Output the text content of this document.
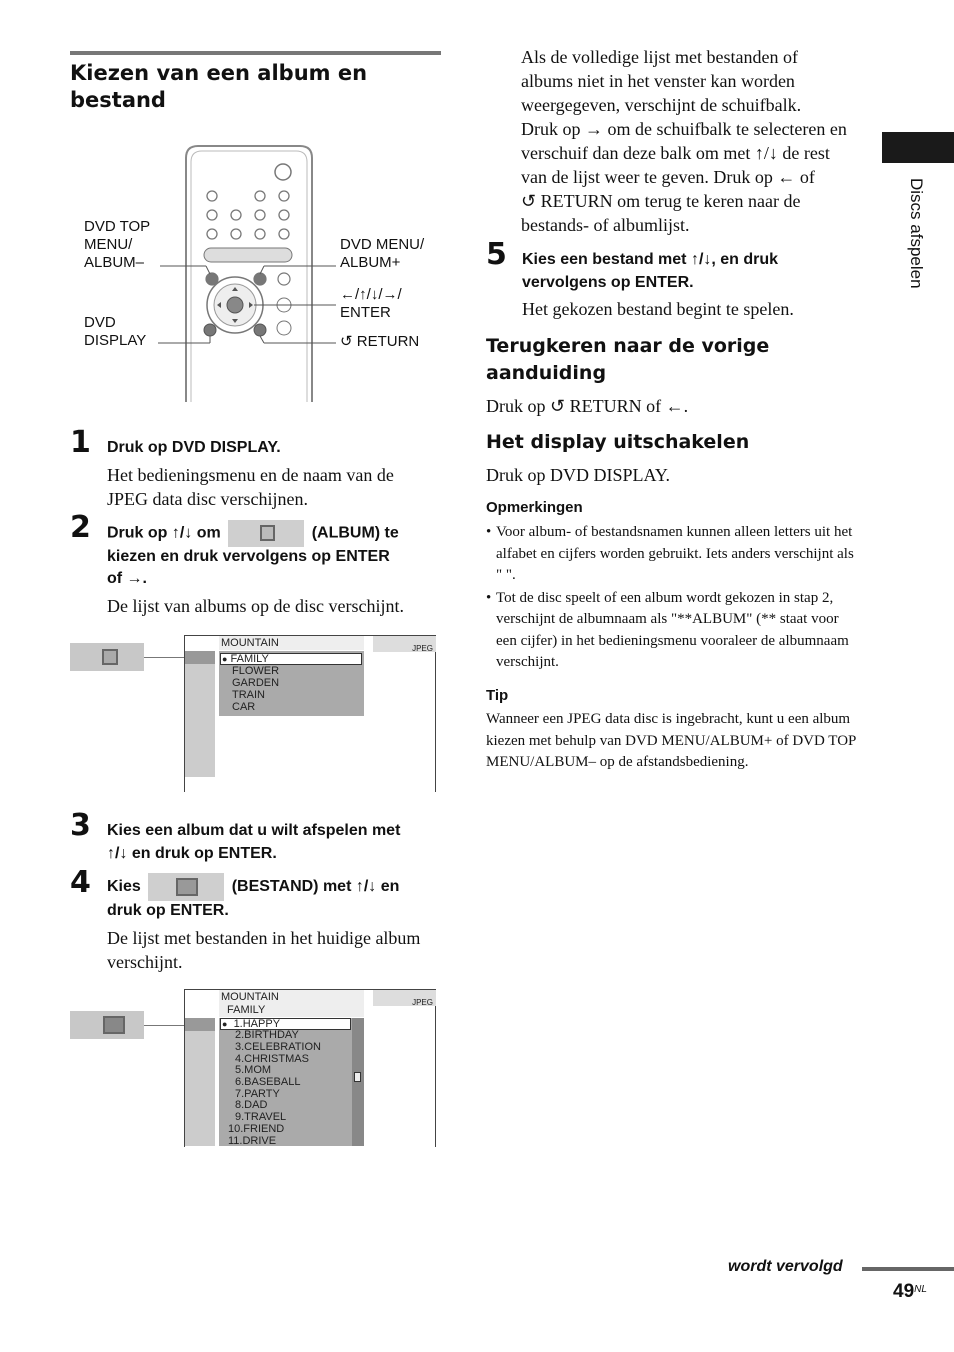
Kiezen van een album en bestand
Discs afspelen
DVD TOP
MENU/
ALBUM–
DVD
DISPLAY
DVD MENU/
ALBUM+
←/↑/↓/→/
ENTER
↺ RETURN
1 Druk op DVD DISPLAY.
Het bedieningsmenu en de naam van de JPEG data disc verschijnen.
2 Druk op ↑/↓ om	(ALBUM) te
kiezen en druk vervolgens op ENTER
of →.
De lijst van albums op de disc verschijnt.
JPEG
MOUNTAIN
● FAMILY
FLOWER
GARDEN
TRAIN
CAR
3 Kies een album dat u wilt afspelen met
↑/↓ en druk op ENTER.
4 Kies	(BESTAND) met ↑/↓ en
druk op ENTER.
De lijst met bestanden in het huidige album verschijnt.
JPEG
MOUNTAIN
FAMILY
● 1.HAPPY
2.BIRTHDAY
3.CELEBRATION
4.CHRISTMAS
5.MOM
6.BASEBALL
7.PARTY
8.DAD
9.TRAVEL
10.FRIEND
11.DRIVE
Als de volledige lijst met bestanden of
albums niet in het venster kan worden
weergegeven, verschijnt de schuifbalk.
Druk op → om de schuifbalk te selecteren en
verschuif dan deze balk om met ↑/↓ de rest
van de lijst weer te geven. Druk op ← of
↺ RETURN om terug te keren naar de
bestands- of albumlijst.
5 Kies een bestand met ↑/↓, en druk
vervolgens op ENTER.
Het gekozen bestand begint te spelen.
Terugkeren naar de vorige aanduiding
Druk op ↺ RETURN of ←.
Het display uitschakelen
Druk op DVD DISPLAY.
Opmerkingen
• Voor album- of bestandsnamen kunnen alleen letters uit het alfabet en cijfers worden gebruikt. Iets anders verschijnt als " ".
• Tot de disc speelt of een album wordt gekozen in stap 2, verschijnt de albumnaam als "**ALBUM" (** staat voor een cijfer) in het bedieningsmenu vooraleer de albumnaam verschijnt.
Tip
Wanneer een JPEG data disc is ingebracht, kunt u een album kiezen met behulp van DVD MENU/ALBUM+ of DVD TOP MENU/ALBUM– op de afstandsbediening.
wordt vervolgd
$49^{NL}$
